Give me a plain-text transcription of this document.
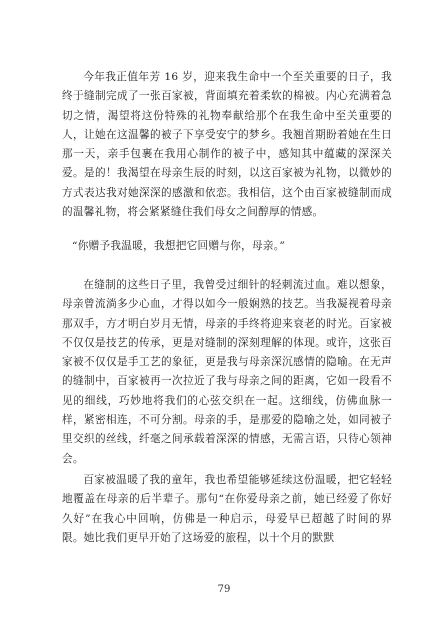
今年我正值年芳 16 岁，迎来我生命中一个至关重要的日子，我终于缝制完成了一张百家被，背面填充着柔软的棉被。内心充满着急切之情，渴望将这份特殊的礼物奉献给那个在我生命中至关重要的人，让她在这温馨的被子下享受安宁的梦乡。我翘首期盼着她在生日那一天，亲手包裹在我用心制作的被子中，感知其中蕴藏的深深关爱。是的！我渴望在母亲生辰的时刻，以这百家被为礼物，以微妙的方式表达我对她深深的感激和依恋。我相信，这个由百家被缝制而成的温馨礼物，将会紧紧缝住我们母女之间醇厚的情感。

“你赠予我温暖，我想把它回赠与你，母亲。”

在缝制的这些日子里，我曾受过细针的轻刺流过血。难以想象，母亲曾流淌多少心血，才得以如今一般娴熟的技艺。当我凝视着母亲那双手，方才明白岁月无情，母亲的手终将迎来衰老的时光。百家被不仅仅是技艺的传承，更是对缝制的深刻理解的体现。或许，这张百家被不仅仅是手工艺的象征，更是我与母亲深沉感情的隐喻。在无声的缝制中，百家被再一次拉近了我与母亲之间的距离，它如一段看不见的细线，巧妙地将我们的心弦交织在一起。这细线，仿佛血脉一样，紧密相连，不可分割。母亲的手，是那爱的隐喻之处，如同被子里交织的丝线，纤毫之间承载着深深的情感，无需言语，只待心领神会。

百家被温暖了我的童年，我也希望能够延续这份温暖，把它轻轻地覆盖在母亲的后半辈子。那句“在你爱母亲之前，她已经爱了你好久好”在我心中回响，仿佛是一种启示，母爱早已超越了时间的界限。她比我们更早开始了这场爱的旅程，以十个月的默默

79
